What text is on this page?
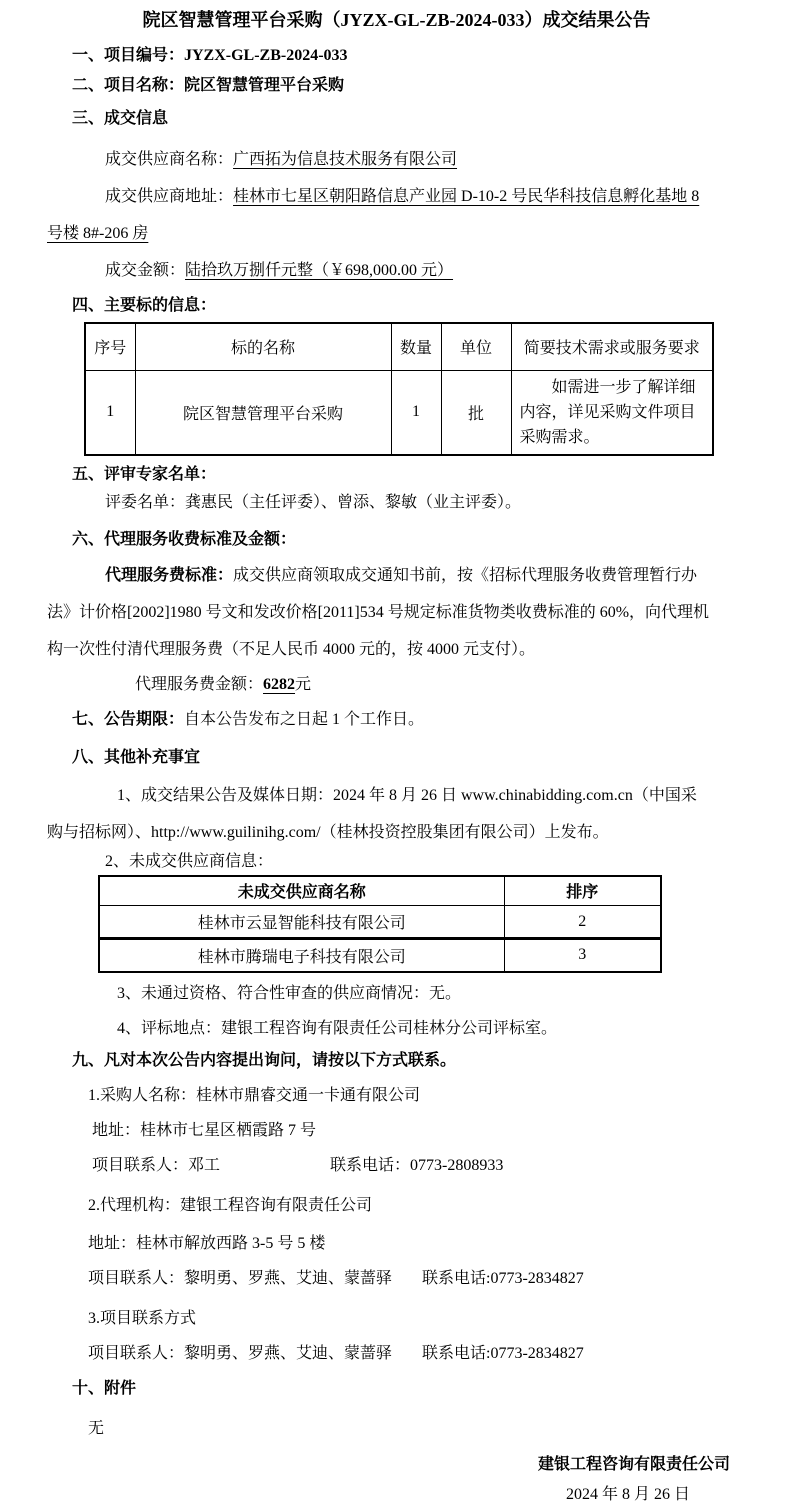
院区智慧管理平台采购（JYZX-GL-ZB-2024-033）成交结果公告

一、项目编号：JYZX-GL-ZB-2024-033

二、项目名称：院区智慧管理平台采购

三、成交信息

成交供应商名称：广西拓为信息技术服务有限公司

成交供应商地址：桂林市七星区朝阳路信息产业园 D-10-2 号民华科技信息孵化基地 8 号楼 8#-206 房

成交金额：陆拾玖万捌仟元整（￥698,000.00 元）

四、主要标的信息：

序号	标的名称	数量	单位	简要技术需求或服务要求
1	院区智慧管理平台采购	1	批	如需进一步了解详细内容，详见采购文件项目采购需求。

五、评审专家名单：

评委名单：龚惠民（主任评委）、曾添、黎敏（业主评委）。

六、代理服务收费标准及金额：

代理服务费标准：成交供应商领取成交通知书前，按《招标代理服务收费管理暂行办法》计价格[2002]1980 号文和发改价格[2011]534 号规定标准货物类收费标准的 60%，向代理机构一次性付清代理服务费（不足人民币 4000 元的，按 4000 元支付）。

代理服务费金额：6282元

七、公告期限：自本公告发布之日起 1 个工作日。

八、其他补充事宜

1、成交结果公告及媒体日期：2024 年 8 月 26 日 www.chinabidding.com.cn（中国采购与招标网）、http://www.guilinihg.com/（桂林投资控股集团有限公司）上发布。

2、未成交供应商信息：

未成交供应商名称	排序
桂林市云显智能科技有限公司	2
桂林市腾瑞电子科技有限公司	3

3、未通过资格、符合性审查的供应商情况：无。

4、评标地点：建银工程咨询有限责任公司桂林分公司评标室。

九、凡对本次公告内容提出询问，请按以下方式联系。

1.采购人名称：桂林市鼎睿交通一卡通有限公司

地址：桂林市七星区栖霞路 7 号

项目联系人：邓工	联系电话：0773-2808933

2.代理机构：建银工程咨询有限责任公司

地址：桂林市解放西路 3-5 号 5 楼

项目联系人：黎明勇、罗燕、艾迪、蒙蔷驿 联系电话:0773-2834827

3.项目联系方式

项目联系人：黎明勇、罗燕、艾迪、蒙蔷驿 联系电话:0773-2834827

十、附件

无

建银工程咨询有限责任公司

2024 年 8 月 26 日
